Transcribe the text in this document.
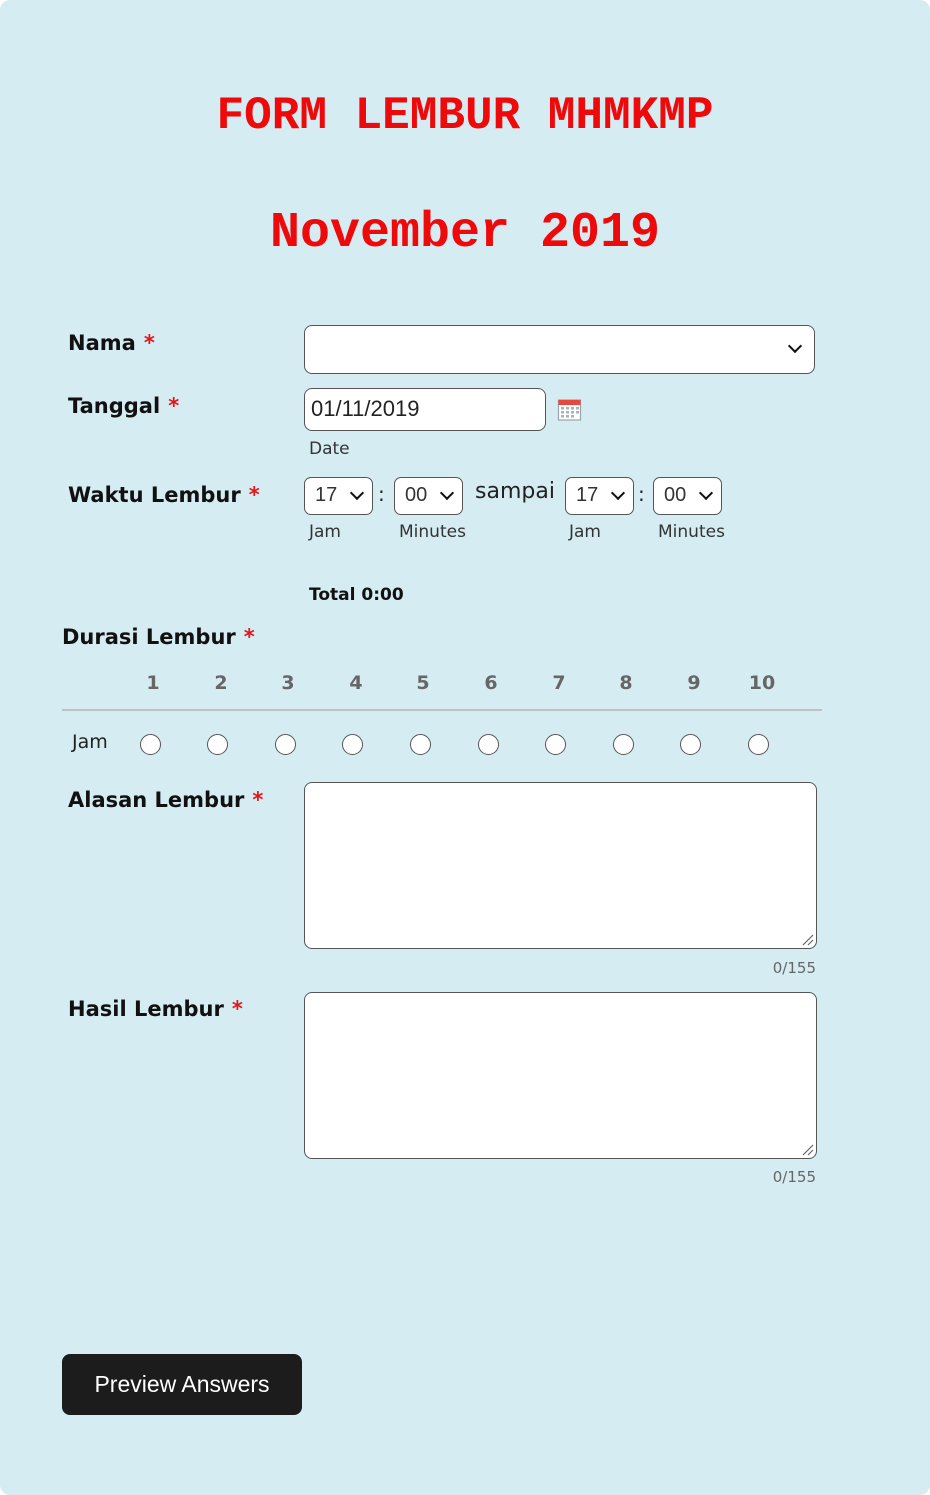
FORM LEMBUR MHMKMP
November 2019
Nama *
Tanggal *	01/11/2019
Date
Waktu Lembur *	17	:	00	sampai	17	: 00
Jam	Minutes	Jam	Minutes
Total 0:00
Durasi Lembur *
1	2	3	4	5	6	7	8	9	10
Jam
Alasan Lembur *
0/155
Hasil Lembur *
0/155
Preview Answers
